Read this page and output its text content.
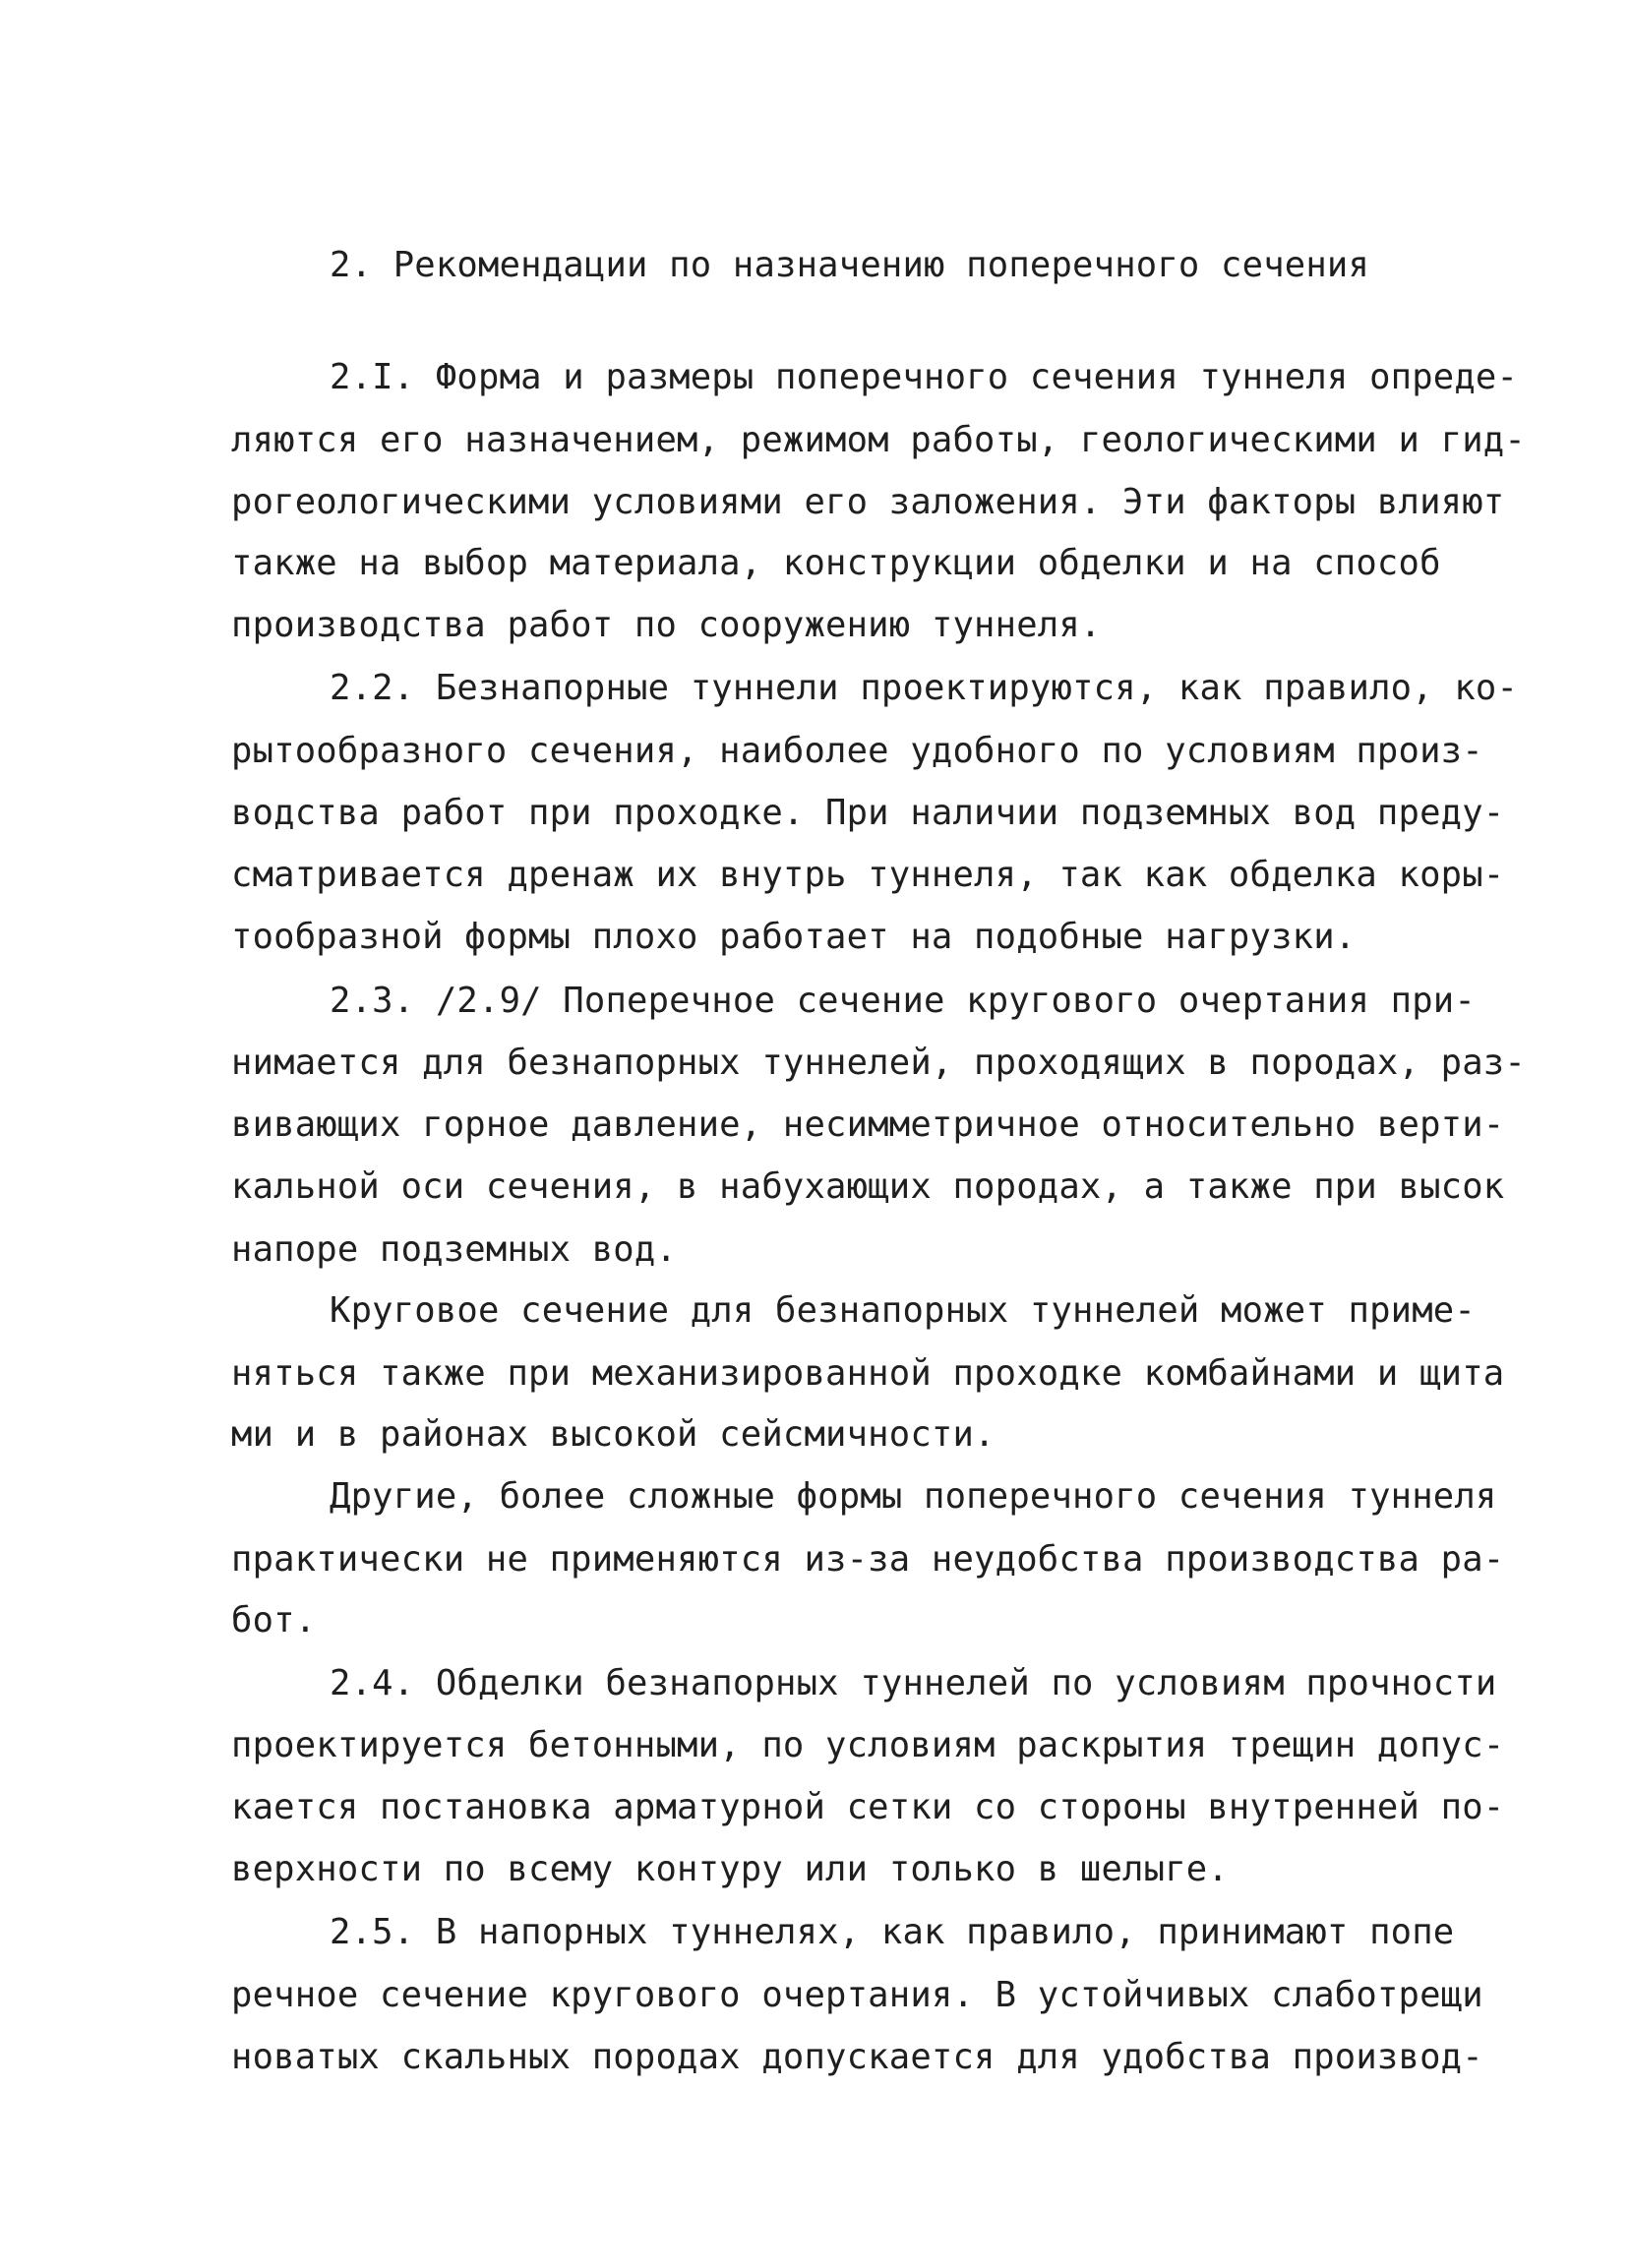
2. Рекомендации по назначению поперечного сечения
2.I. Форма и размеры поперечного сечения туннеля опреде-
ляются его назначением, режимом работы, геологическими и гид-
рогеологическими условиями его заложения. Эти факторы влияют
также на выбор материала, конструкции обделки и на способ
производства работ по сооружению туннеля.
2.2. Безнапорные туннели проектируются, как правило, ко-
рытообразного сечения, наиболее удобного по условиям произ-
водства работ при проходке. При наличии подземных вод преду-
сматривается дренаж их внутрь туннеля, так как обделка коры-
тообразной формы плохо работает на подобные нагрузки.
2.3. /2.9/ Поперечное сечение кругового очертания при-
нимается для безнапорных туннелей, проходящих в породах, раз-
вивающих горное давление, несимметричное относительно верти-
кальной оси сечения, в набухающих породах, а также при высок
напоре подземных вод.
Круговое сечение для безнапорных туннелей может приме-
няться также при механизированной проходке комбайнами и щита
ми и в районах высокой сейсмичности.
Другие, более сложные формы поперечного сечения туннеля
практически не применяются из-за неудобства производства ра-
бот.
2.4. Обделки безнапорных туннелей по условиям прочности
проектируется бетонными, по условиям раскрытия трещин допус-
кается постановка арматурной сетки со стороны внутренней по-
верхности по всему контуру или только в шелыге.
2.5. В напорных туннелях, как правило, принимают попе
речное сечение кругового очертания. В устойчивых слаботрещи
новатых скальных породах допускается для удобства производ-
